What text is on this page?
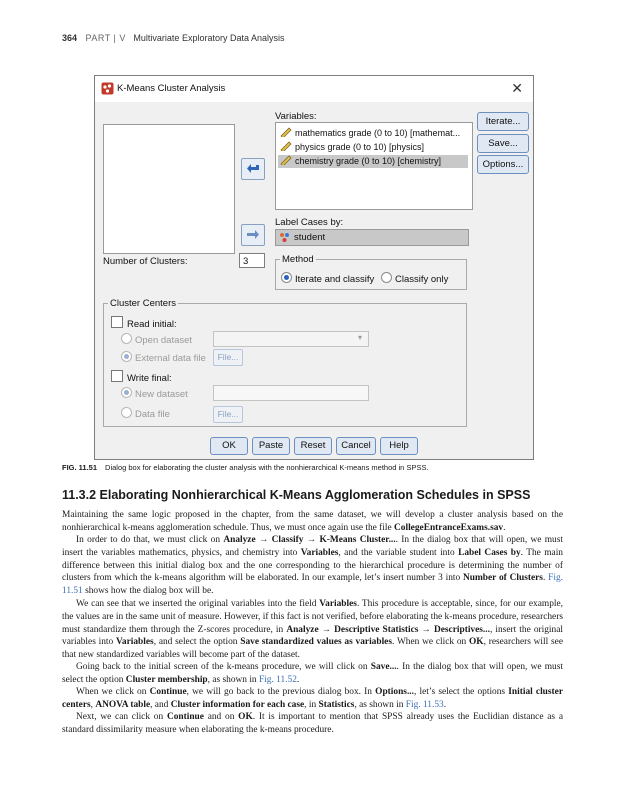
364 PART | V Multivariate Exploratory Data Analysis
K-Means Cluster Analysis	✕
Variables:
mathematics grade (0 to 10) [mathemat...
physics grade (0 to 10) [physics]
chemistry grade (0 to 10) [chemistry]
Iterate...
Save...
Options...
Label Cases by:
student
Number of Clusters:	3	Method
Iterate and classify	Classify only
Cluster Centers
Read initial:
Open dataset	▾
External data file	File...
Write final:
New dataset
Data file	File...
OK	Paste	Reset	Cancel	Help
FIG. 11.51 Dialog box for elaborating the cluster analysis with the nonhierarchical K-means method in SPSS.
11.3.2 Elaborating Nonhierarchical K-Means Agglomeration Schedules in SPSS
Maintaining the same logic proposed in the chapter, from the same dataset, we will develop a cluster analysis based on the nonhierarchical k-means agglomeration schedule. Thus, we must once again use the file CollegeEntranceExams.sav.
In order to do that, we must click on Analyze → Classify → K-Means Cluster.... In the dialog box that will open, we must insert the variables mathematics, physics, and chemistry into Variables, and the variable student into Label Cases by. The main difference between this initial dialog box and the one corresponding to the hierarchical procedure is determining the number of clusters from which the k-means algorithm will be elaborated. In our example, let’s insert number 3 into Number of Clusters. Fig. 11.51 shows how the dialog box will be.
We can see that we inserted the original variables into the field Variables. This procedure is acceptable, since, for our example, the values are in the same unit of measure. However, if this fact is not verified, before elaborating the k-means procedure, researchers must standardize them through the Z-scores procedure, in Analyze → Descriptive Statistics → Descriptives..., insert the original variables into Variables, and select the option Save standardized values as variables. When we click on OK, researchers will see that new standardized variables will become part of the dataset.
Going back to the initial screen of the k-means procedure, we will click on Save.... In the dialog box that will open, we must select the option Cluster membership, as shown in Fig. 11.52.
When we click on Continue, we will go back to the previous dialog box. In Options..., let’s select the options Initial cluster centers, ANOVA table, and Cluster information for each case, in Statistics, as shown in Fig. 11.53.
Next, we can click on Continue and on OK. It is important to mention that SPSS already uses the Euclidian distance as a standard dissimilarity measure when elaborating the k-means procedure.
